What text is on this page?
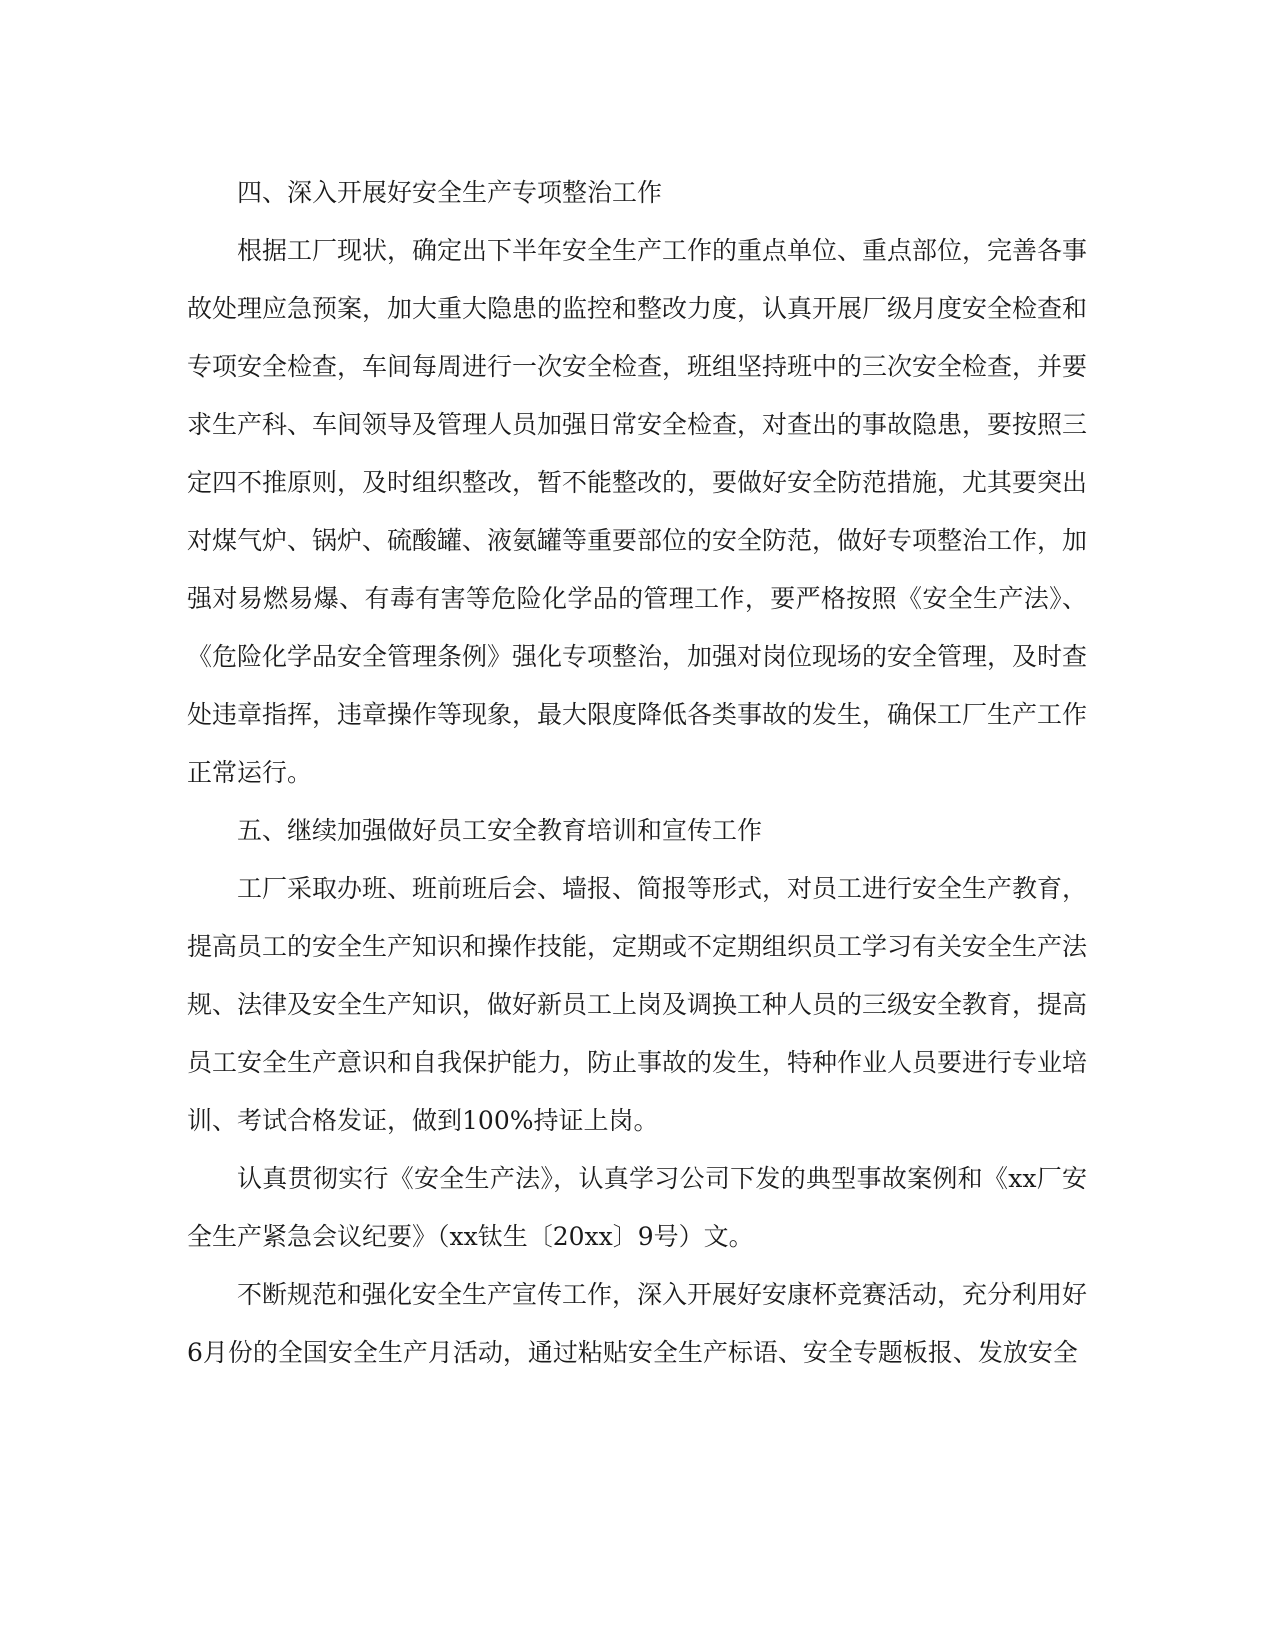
四、深入开展好安全生产专项整治工作

根据工厂现状，确定出下半年安全生产工作的重点单位、重点部位，完善各事故处理应急预案，加大重大隐患的监控和整改力度，认真开展厂级月度安全检查和专项安全检查，车间每周进行一次安全检查，班组坚持班中的三次安全检查，并要求生产科、车间领导及管理人员加强日常安全检查，对查出的事故隐患，要按照三定四不推原则，及时组织整改，暂不能整改的，要做好安全防范措施，尤其要突出对煤气炉、锅炉、硫酸罐、液氨罐等重要部位的安全防范，做好专项整治工作，加强对易燃易爆、有毒有害等危险化学品的管理工作，要严格按照《安全生产法》、《危险化学品安全管理条例》强化专项整治，加强对岗位现场的安全管理，及时查处违章指挥，违章操作等现象，最大限度降低各类事故的发生，确保工厂生产工作正常运行。

五、继续加强做好员工安全教育培训和宣传工作

工厂采取办班、班前班后会、墙报、简报等形式，对员工进行安全生产教育，提高员工的安全生产知识和操作技能，定期或不定期组织员工学习有关安全生产法规、法律及安全生产知识，做好新员工上岗及调换工种人员的三级安全教育，提高员工安全生产意识和自我保护能力，防止事故的发生，特种作业人员要进行专业培训、考试合格发证，做到100%持证上岗。

认真贯彻实行《安全生产法》，认真学习公司下发的典型事故案例和《xx厂安全生产紧急会议纪要》（xx钛生〔20xx〕9号）文。

不断规范和强化安全生产宣传工作，深入开展好安康杯竞赛活动，充分利用好6月份的全国安全生产月活动，通过粘贴安全生产标语、安全专题板报、发放安全
